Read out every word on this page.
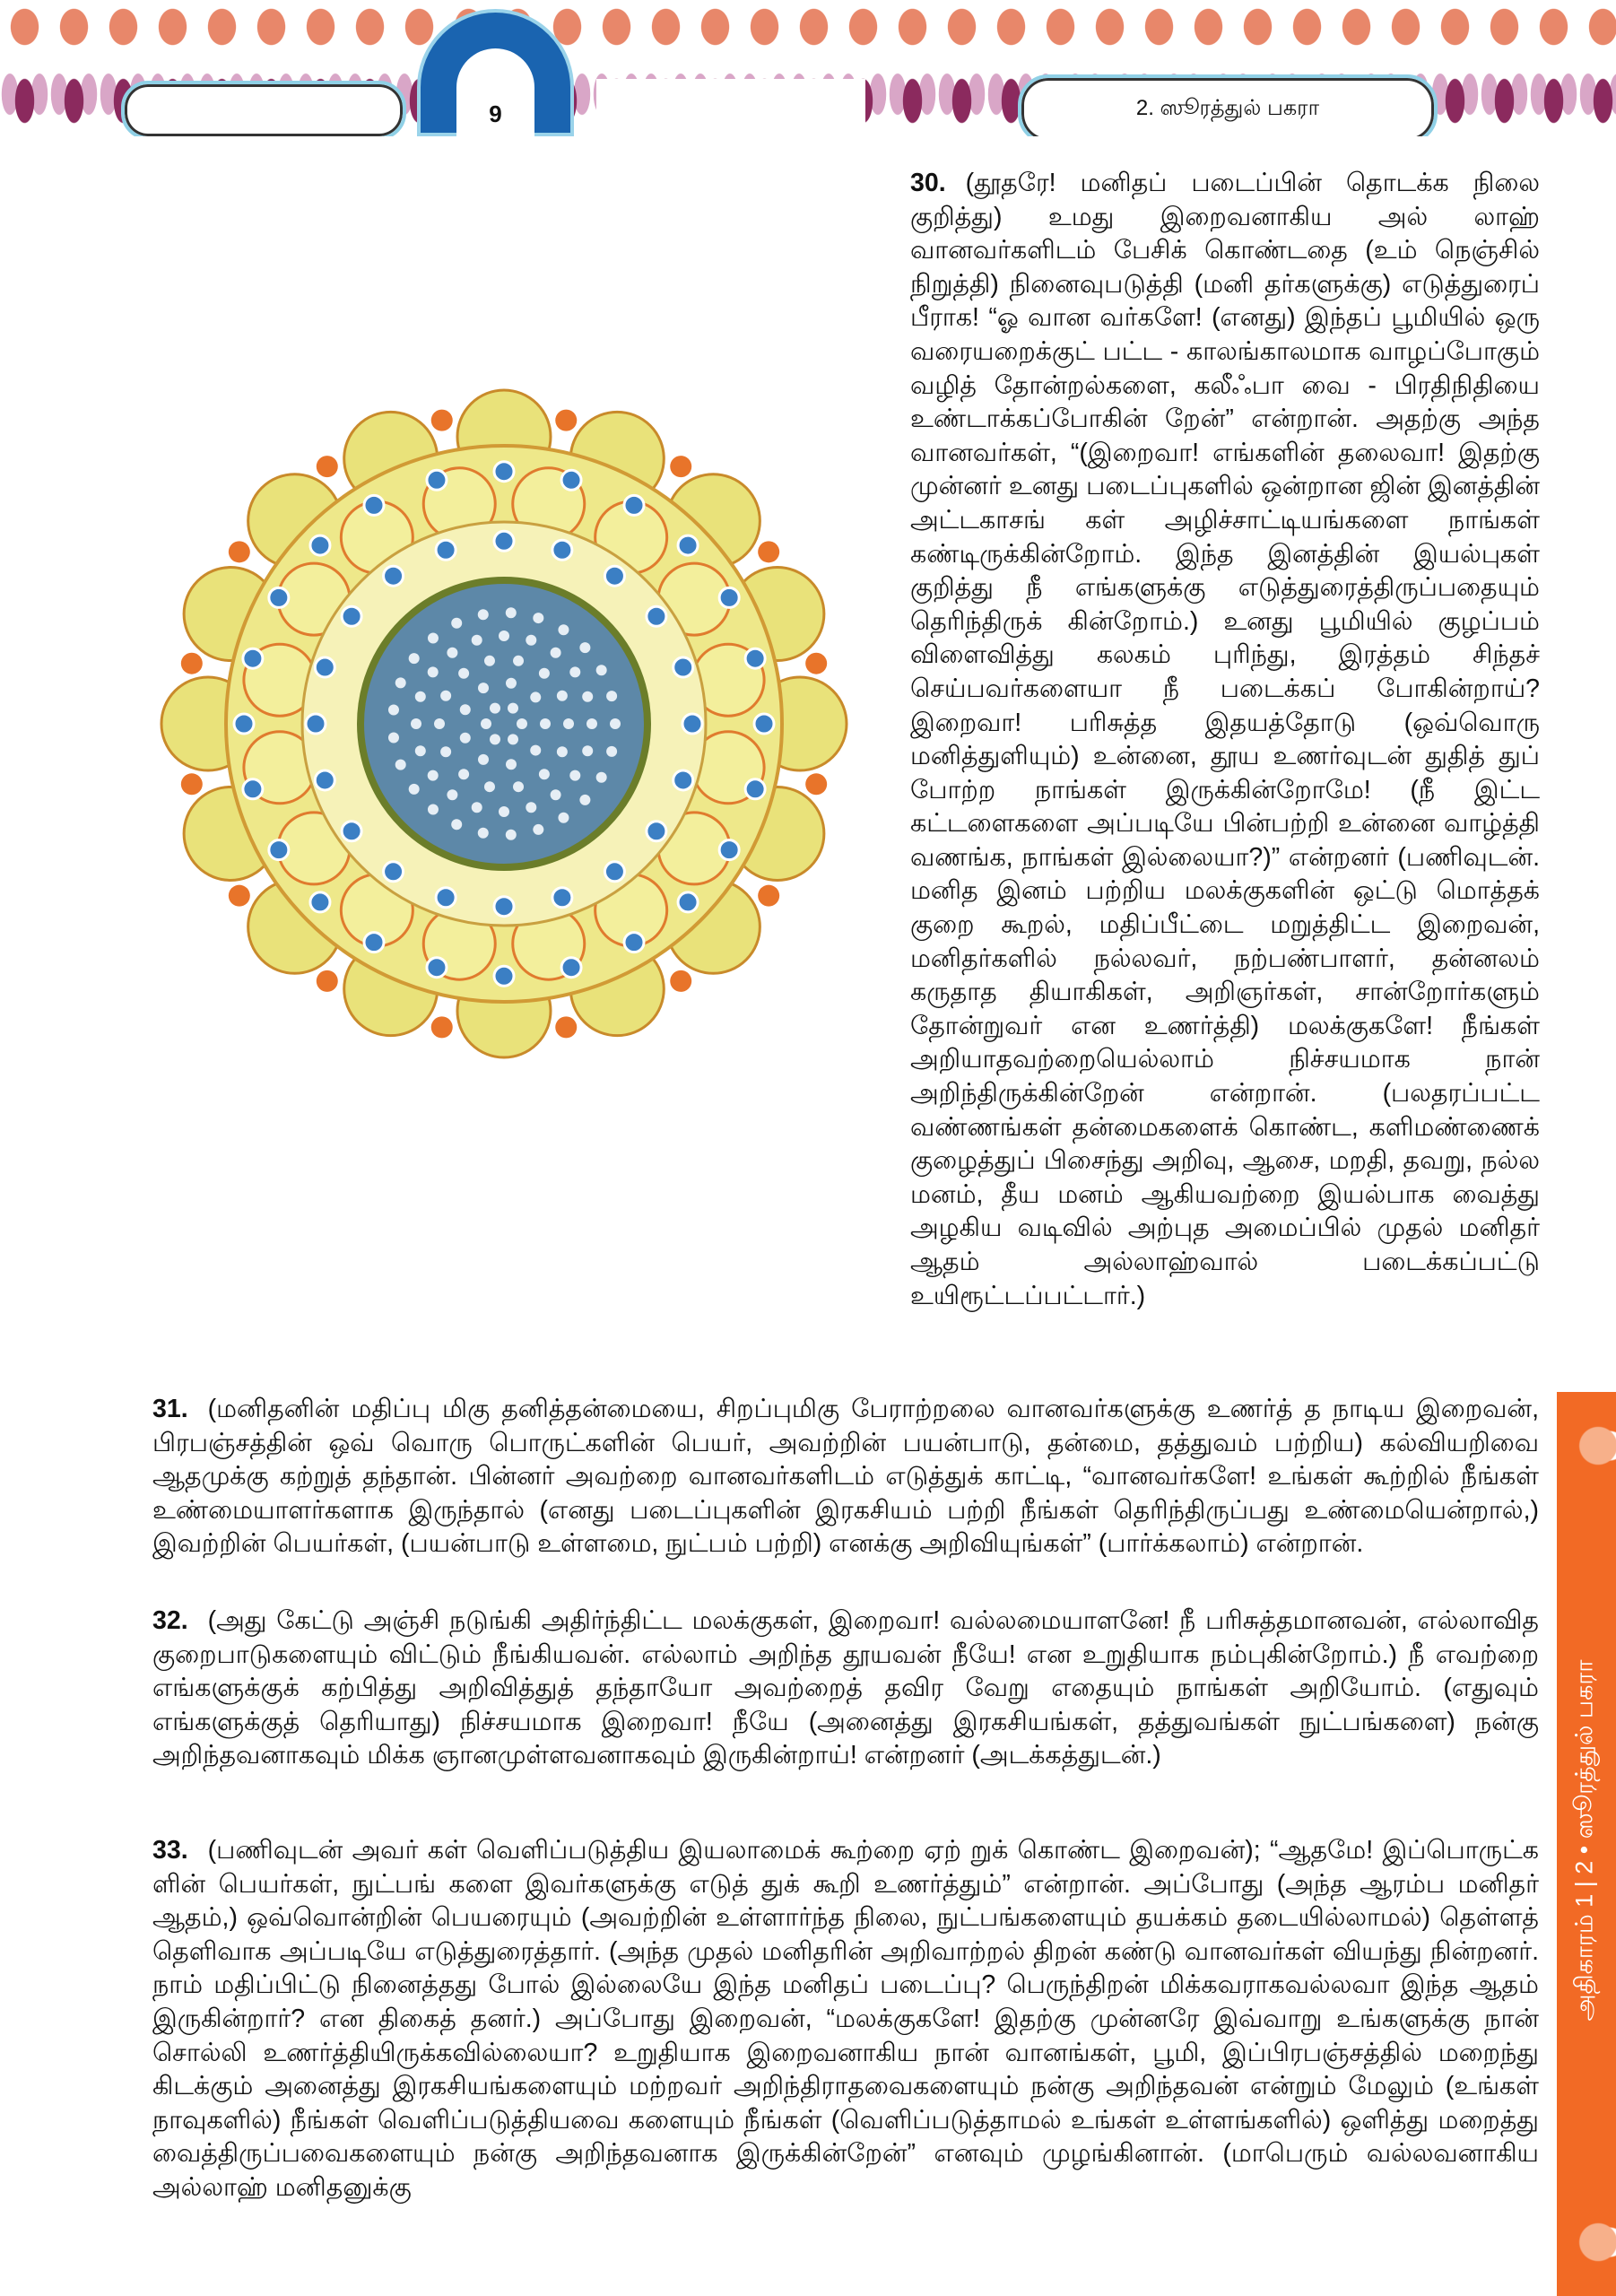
2. ஸூரத்துல் பகரா
9

30. (தூதரே! மனிதப் படைப்பின் தொடக்க நிலை குறித்து) உமது இறைவனாகிய அல் லாஹ் வானவர்களிடம் பேசிக் கொண்டதை (உம் நெஞ்சில் நிறுத்தி) நினைவுபடுத்தி (மனி தர்களுக்கு) எடுத்துரைப் பீராக! “ஓ வான வர்களே! (எனது) இந்தப் பூமியில் ஒரு வரையறைக்குட் பட்ட - காலங்காலமாக வாழப்போகும் வழித் தோன்றல்களை, கலீஃபா வை - பிரதிநிதியை உண்டாக்கப்போகின் றேன்” என்றான். அதற்கு அந்த வானவர்கள், “(இறைவா! எங்களின் தலைவா! இதற்கு முன்னர் உனது படைப்புகளில் ஒன்றான ஜின் இனத்தின் அட்டகாசங் கள் அழிச்சாட்டியங்களை நாங்கள் கண்டிருக்கின்றோம். இந்த இனத்தின் இயல்புகள் குறித்து நீ எங்களுக்கு எடுத்துரைத்திருப்பதையும் தெரிந்திருக் கின்றோம்.) உனது பூமியில் குழப்பம் விளைவித்து கலகம் புரிந்து, இரத்தம் சிந்தச் செய்பவர்களையா நீ படைக்கப் போகின்றாய்? இறைவா! பரிசுத்த இதயத்தோடு (ஒவ்வொரு மனித்துளியும்) உன்னை, தூய உணர்வுடன் துதித் துப் போற்ற நாங்கள் இருக்கின்றோமே! (நீ இட்ட கட்டளைகளை அப்படியே பின்பற்றி உன்னை வாழ்த்தி வணங்க, நாங்கள் இல்லையா?)” என்றனர் (பணிவுடன். மனித இனம் பற்றிய மலக்குகளின் ஒட்டு மொத்தக் குறை கூறல், மதிப்பீட்டை மறுத்திட்ட இறைவன், மனிதர்களில் நல்லவர், நற்பண்பாளர், தன்னலம் கருதாத தியாகிகள், அறிஞர்கள், சான்றோர்களும் தோன்றுவர் என உணர்த்தி) மலக்குகளே! நீங்கள் அறியாதவற்றையெல்லாம் நிச்சயமாக நான் அறிந்திருக்கின்றேன் என்றான். (பலதரப்பட்ட வண்ணங்கள் தன்மைகளைக் கொண்ட, களிமண்ணைக் குழைத்துப் பிசைந்து அறிவு, ஆசை, மறதி, தவறு, நல்ல மனம், தீய மனம் ஆகியவற்றை இயல்பாக வைத்து அழகிய வடிவில் அற்புத அமைப்பில் முதல் மனிதர் ஆதம் அல்லாஹ்வால் படைக்கப்பட்டு உயிரூட்டப்பட்டார்.)

31. (மனிதனின் மதிப்பு மிகு தனித்தன்மையை, சிறப்புமிகு பேராற்றலை வானவர்களுக்கு உணர்த் த நாடிய இறைவன், பிரபஞ்சத்தின் ஒவ் வொரு பொருட்களின் பெயர், அவற்றின் பயன்பாடு, தன்மை, தத்துவம் பற்றிய) கல்வியறிவை ஆதமுக்கு கற்றுத் தந்தான். பின்னர் அவற்றை வானவர்களிடம் எடுத்துக் காட்டி, “வானவர்களே! உங்கள் கூற்றில் நீங்கள் உண்மையாளர்களாக இருந்தால் (எனது படைப்புகளின் இரகசியம் பற்றி நீங்கள் தெரிந்திருப்பது உண்மையென்றால்,) இவற்றின் பெயர்கள், (பயன்பாடு உள்ளமை, நுட்பம் பற்றி) எனக்கு அறிவியுங்கள்” (பார்க்கலாம்) என்றான்.

32. (அது கேட்டு அஞ்சி நடுங்கி அதிர்ந்திட்ட மலக்குகள், இறைவா! வல்லமையாளனே! நீ பரிசுத்தமானவன், எல்லாவித குறைபாடுகளையும் விட்டும் நீங்கியவன். எல்லாம் அறிந்த தூயவன் நீயே! என உறுதியாக நம்புகின்றோம்.) நீ எவற்றை எங்களுக்குக் கற்பித்து அறிவித்துத் தந்தாயோ அவற்றைத் தவிர வேறு எதையும் நாங்கள் அறியோம். (எதுவும் எங்களுக்குத் தெரியாது) நிச்சயமாக இறைவா! நீயே (அனைத்து இரகசியங்கள், தத்துவங்கள் நுட்பங்களை) நன்கு அறிந்தவனாகவும் மிக்க ஞானமுள்ளவனாகவும் இருகின்றாய்! என்றனர் (அடக்கத்துடன்.)

33. (பணிவுடன் அவர் கள் வெளிப்படுத்திய இயலாமைக் கூற்றை ஏற் றுக் கொண்ட இறைவன்); “ஆதமே! இப்பொருட்க ளின் பெயர்கள், நுட்பங் களை இவர்களுக்கு எடுத் துக் கூறி உணர்த்தும்” என்றான். அப்போது (அந்த ஆரம்ப மனிதர் ஆதம்,) ஒவ்வொன்றின் பெயரையும் (அவற்றின் உள்ளார்ந்த நிலை, நுட்பங்களையும் தயக்கம் தடையில்லாமல்) தெள்ளத் தெளிவாக அப்படியே எடுத்துரைத்தார். (அந்த முதல் மனிதரின் அறிவாற்றல் திறன் கண்டு வானவர்கள் வியந்து நின்றனர். நாம் மதிப்பிட்டு நினைத்தது போல் இல்லையே இந்த மனிதப் படைப்பு? பெருந்திறன் மிக்கவராகவல்லவா இந்த ஆதம் இருகின்றார்? என திகைத் தனர்.) அப்போது இறைவன், “மலக்குகளே! இதற்கு முன்னரே இவ்வாறு உங்களுக்கு நான் சொல்லி உணர்த்தியிருக்கவில்லையா? உறுதியாக இறைவனாகிய நான் வானங்கள், பூமி, இப்பிரபஞ்சத்தில் மறைந்து கிடக்கும் அனைத்து இரகசியங்களையும் மற்றவர் அறிந்திராதவைகளையும் நன்கு அறிந்தவன் என்றும் மேலும் (உங்கள் நாவுகளில்) நீங்கள் வெளிப்படுத்தியவை களையும் நீங்கள் (வெளிப்படுத்தாமல் உங்கள் உள்ளங்களில்) ஒளித்து மறைத்து வைத்திருப்பவைகளையும் நன்கு அறிந்தவனாக இருக்கின்றேன்” எனவும் முழங்கினான். (மாபெரும் வல்லவனாகிய அல்லாஹ் மனிதனுக்கு

அதிகாரம் 1 | 2 • ஸூரத்துல் பகரா
